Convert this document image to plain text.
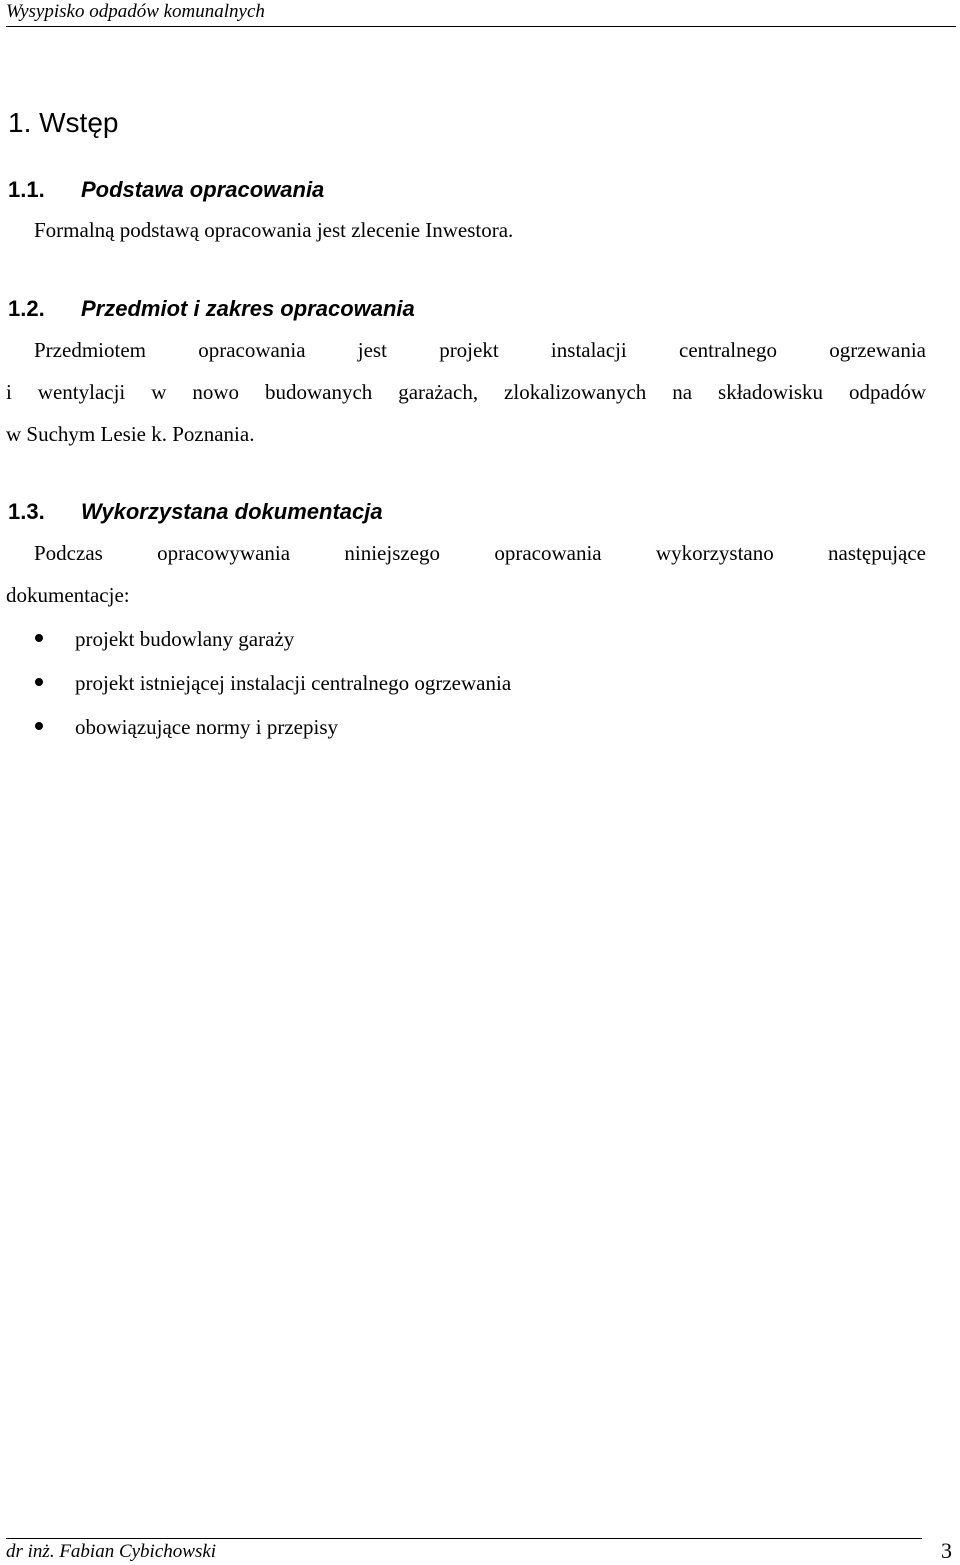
Wysypisko odpadów komunalnych
1. Wstęp
1.1. Podstawa opracowania
Formalną podstawą opracowania jest zlecenie Inwestora.
1.2. Przedmiot i zakres opracowania
Przedmiotem opracowania jest projekt instalacji centralnego ogrzewania
i wentylacji w nowo budowanych garażach, zlokalizowanych na składowisku odpadów
w Suchym Lesie k. Poznania.
1.3. Wykorzystana dokumentacja
Podczas opracowywania niniejszego opracowania wykorzystano następujące
dokumentacje:
projekt budowlany garaży
projekt istniejącej instalacji centralnego ogrzewania
obowiązujące normy i przepisy
dr inż. Fabian Cybichowski	3
